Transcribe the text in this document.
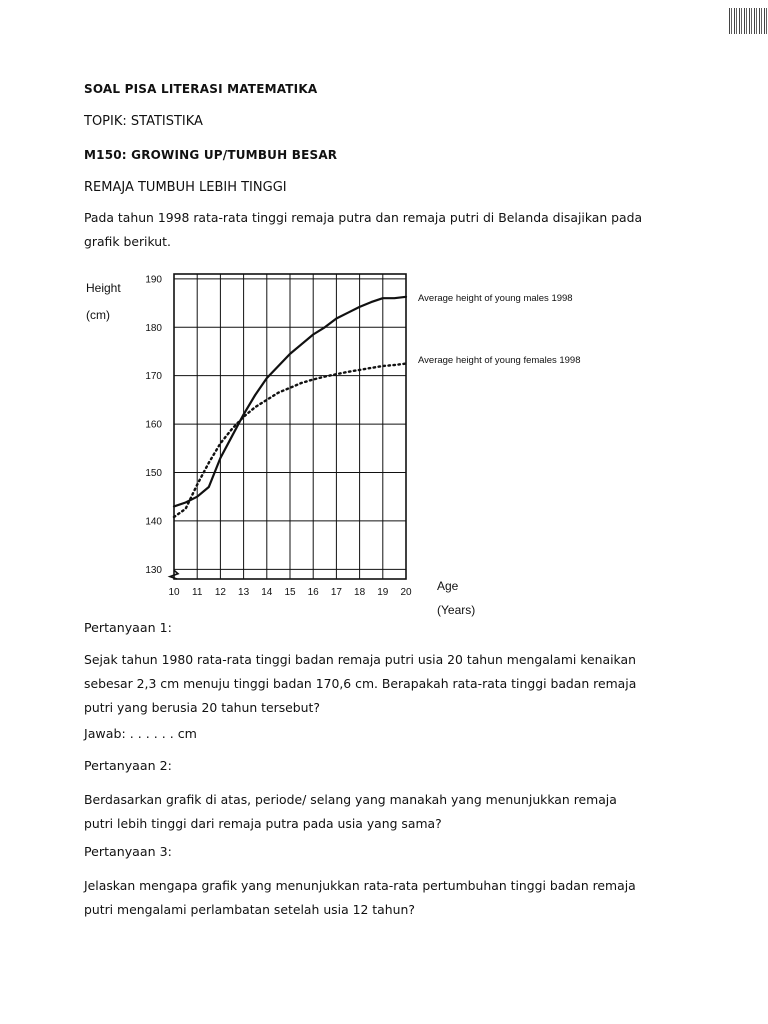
SOAL PISA LITERASI MATEMATIKA
TOPIK: STATISTIKA
M150: GROWING UP/TUMBUH BESAR
REMAJA TUMBUH LEBIH TINGGI
Pada tahun 1998 rata-rata tinggi remaja putra dan remaja putri di Belanda disajikan pada grafik berikut.
Pertanyaan 1:
Sejak tahun 1980 rata-rata tinggi badan remaja putri usia 20 tahun mengalami kenaikan sebesar 2,3 cm menuju tinggi badan 170,6 cm. Berapakah rata-rata tinggi badan remaja putri yang berusia 20 tahun tersebut?
Jawab: . . . . . . cm
Pertanyaan 2:
Berdasarkan grafik di atas, periode/ selang yang manakah yang menunjukkan remaja putri lebih tinggi dari remaja putra pada usia yang sama?
Pertanyaan 3:
Jelaskan mengapa grafik yang menunjukkan rata-rata pertumbuhan tinggi badan remaja putri mengalami perlambatan setelah usia 12 tahun?
Height
(cm)
Age
(Years)
130
140
150
160
170
180
190
10 11 12 13 14 15 16 17 18 19 20
Average height of young males 1998
Average height of young females 1998
